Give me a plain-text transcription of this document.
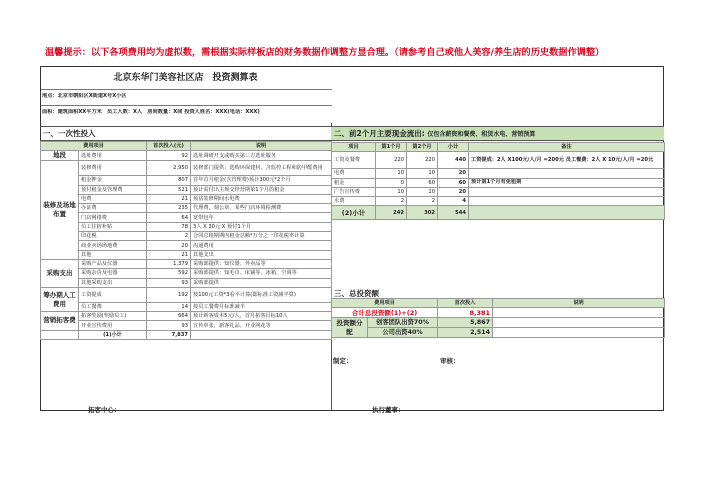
温馨提示：以下各项费用均为虚拟数，需根据实际样板店的财务数据作调整方显合理。（请参考自己或他人美容/养生店的历史数据作调整）
北京东华门美容社区店　投资测算表
地点：北京市朝阳区X街道X号X小区
面积：建筑面积XX平方米　员工人数：X人　房间数量：X间 投资人姓名：XXX(电话：XXX)
一、一次性投入
费用项目		首次投入(元)	说明
地段	选址费用	92	选址调研开支或购买第三方选址服务
装修及场地布置	装修费用	2,950	装修部门提供：选购环保建材，含监控工程和防甲醛费用
	租金押金	807	首年首月租金(含管理费)预计300元*2个月
	预付租金及管理费	521	预计需付出主规交经营期第1个月的租金
	电费	21	预估装修期间水电费
	办证费	235	代理费，刻公章，某些门店环境检测费
	门店网络费	64	宽带包年
	员工住宿补贴	78	3人 X 30元 X 预付1个月
	印花税	2	合同总租期期内租金总额*万分之一印花税率计算
	商业卖场场地费	20	沟通费用
	其他	21	其他支出
采购支出	采购产品及仪器	1,379	采购部提供：知仪器、外卖品等
	采购杂货及电器	592	采购部提供：知毛巾、床铺等、冰箱、空调等
	其他采购支出	93	采购部提供
筹办期人工费用	工资提成	192	按100元工资*3看平计算(即标准工资减半算)
	员工餐费	14	按员工餐费月标准减半
营销拓客费	拓客奖励(奖励员工)	664	预计新客成本5元/人，首月拓客目标10人
	开业宣传费用	93	宣传单张、新客礼品、开业网花等
	(1)小计	7,837	
二、前2个月主要现金流出: 仅包含薪资和餐费、租赁水电、营销预算
项目	第1个月	第2个月	小计	备注
工资及餐费	220	220	440	工资提成：2人 X100元/人/月 =200元 员工餐费：2人 X 10元/人/月 =20元
电费	10	10	20	
租金	0	60	60	预计第1个月有免租期
广告宣传费	10	10	20	
水费	2	2	4	
(2)小计	242	302	544	
三、总投资额
费用项目		首次投入	说明
合计总投资额(1)+(2)		8,381	
投资额分配	创客团队出资70%	5,867	
	公司出资40%	2,514	
制定：	审核：
拓客中心：	执行董事：
